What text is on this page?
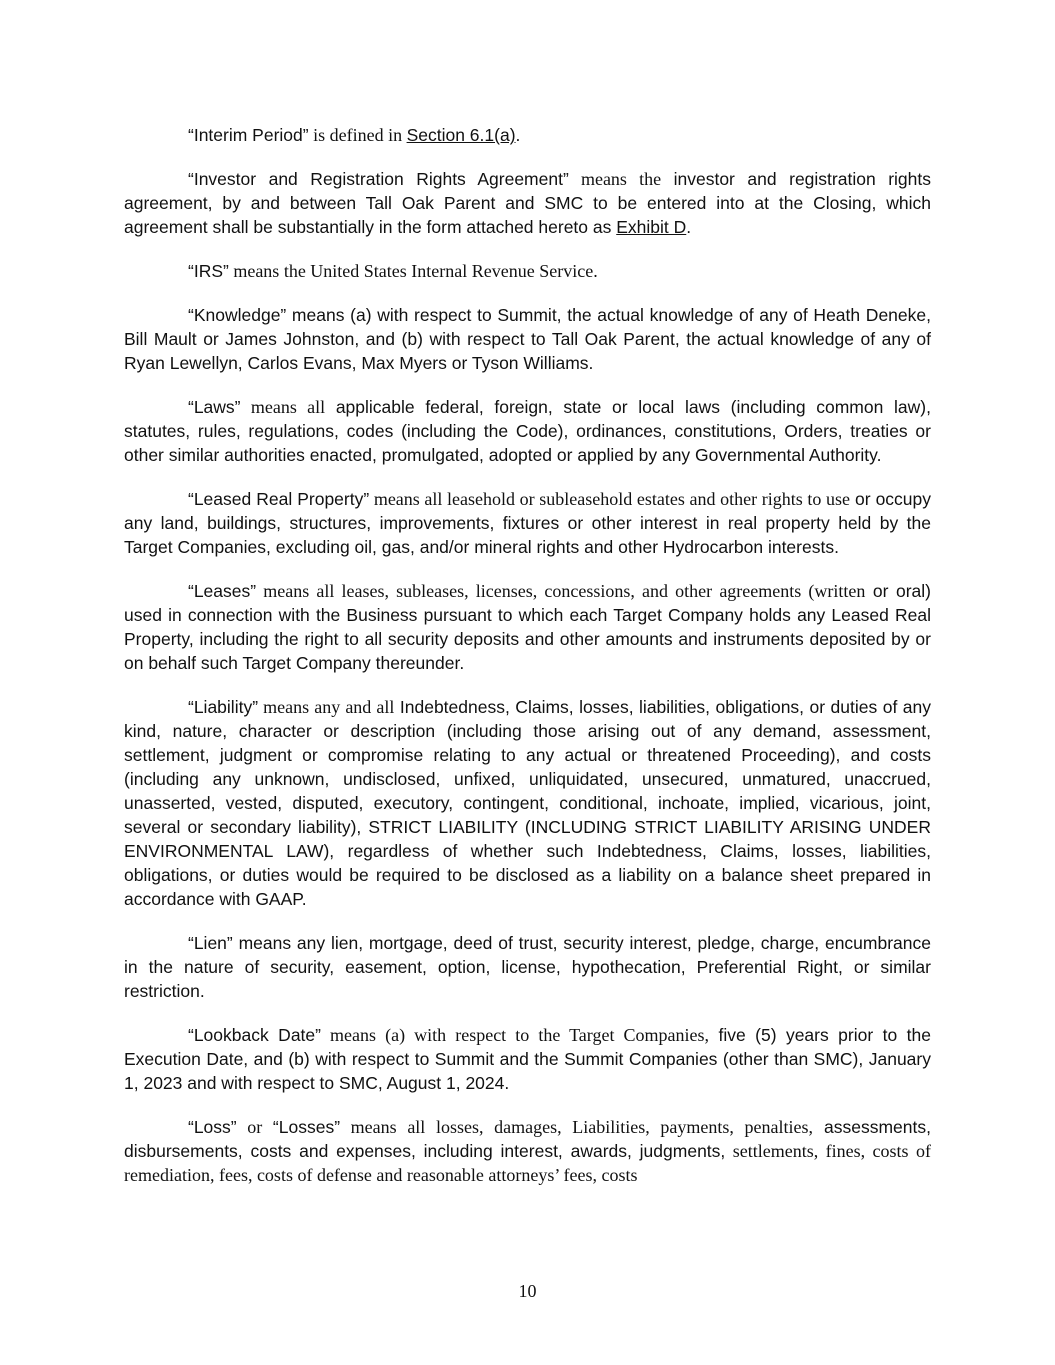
“Interim Period” is defined in Section 6.1(a).

“Investor and Registration Rights Agreement” means the investor and registration rights agreement, by and between Tall Oak Parent and SMC to be entered into at the Closing, which agreement shall be substantially in the form attached hereto as Exhibit D.

“IRS” means the United States Internal Revenue Service.

“Knowledge” means (a) with respect to Summit, the actual knowledge of any of Heath Deneke, Bill Mault or James Johnston, and (b) with respect to Tall Oak Parent, the actual knowledge of any of Ryan Lewellyn, Carlos Evans, Max Myers or Tyson Williams.

“Laws” means all applicable federal, foreign, state or local laws (including common law), statutes, rules, regulations, codes (including the Code), ordinances, constitutions, Orders, treaties or other similar authorities enacted, promulgated, adopted or applied by any Governmental Authority.

“Leased Real Property” means all leasehold or subleasehold estates and other rights to use or occupy any land, buildings, structures, improvements, fixtures or other interest in real property held by the Target Companies, excluding oil, gas, and/or mineral rights and other Hydrocarbon interests.

“Leases” means all leases, subleases, licenses, concessions, and other agreements (written or oral) used in connection with the Business pursuant to which each Target Company holds any Leased Real Property, including the right to all security deposits and other amounts and instruments deposited by or on behalf such Target Company thereunder.

“Liability” means any and all Indebtedness, Claims, losses, liabilities, obligations, or duties of any kind, nature, character or description (including those arising out of any demand, assessment, settlement, judgment or compromise relating to any actual or threatened Proceeding), and costs (including any unknown, undisclosed, unfixed, unliquidated, unsecured, unmatured, unaccrued, unasserted, vested, disputed, executory, contingent, conditional, inchoate, implied, vicarious, joint, several or secondary liability), STRICT LIABILITY (INCLUDING STRICT LIABILITY ARISING UNDER ENVIRONMENTAL LAW), regardless of whether such Indebtedness, Claims, losses, liabilities, obligations, or duties would be required to be disclosed as a liability on a balance sheet prepared in accordance with GAAP.

“Lien” means any lien, mortgage, deed of trust, security interest, pledge, charge, encumbrance in the nature of security, easement, option, license, hypothecation, Preferential Right, or similar restriction.

“Lookback Date” means (a) with respect to the Target Companies, five (5) years prior to the Execution Date, and (b) with respect to Summit and the Summit Companies (other than SMC), January 1, 2023 and with respect to SMC, August 1, 2024.

“Loss” or “Losses” means all losses, damages, Liabilities, payments, penalties, assessments, disbursements, costs and expenses, including interest, awards, judgments, settlements, fines, costs of remediation, fees, costs of defense and reasonable attorneys’ fees, costs

10
